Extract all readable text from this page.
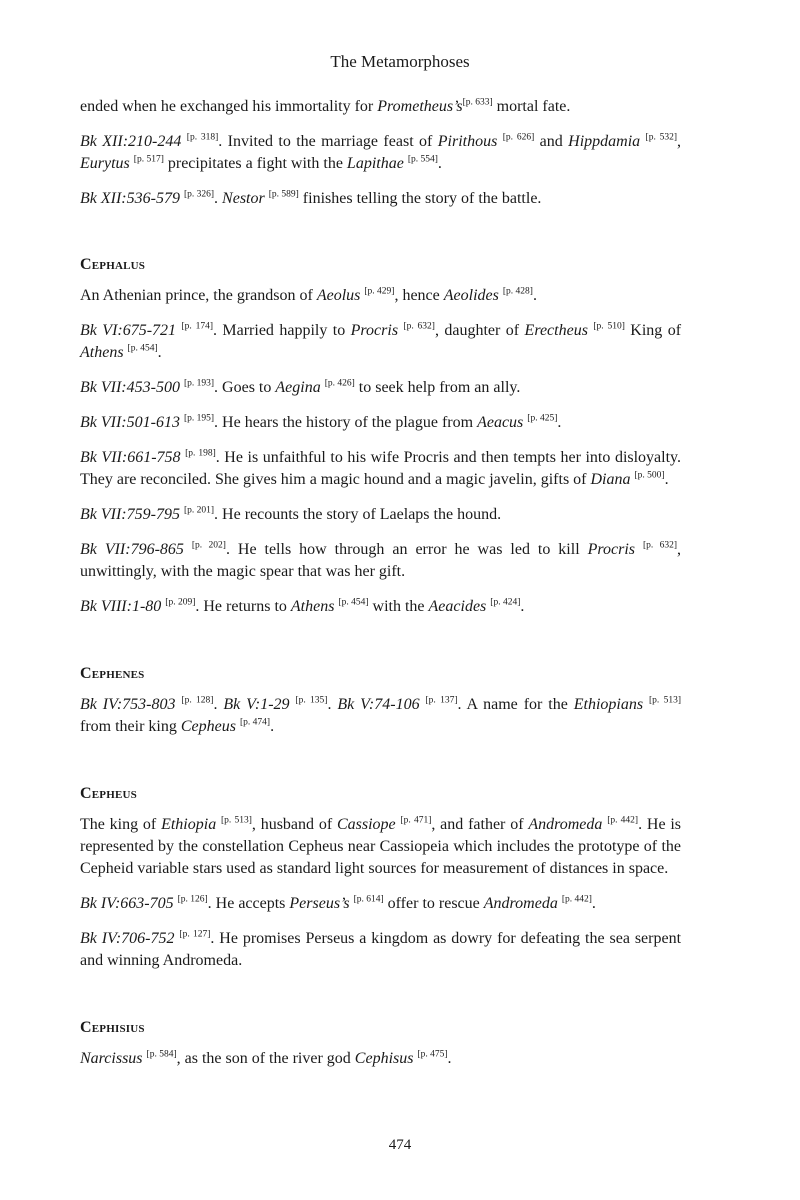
The Metamorphoses

ended when he exchanged his immortality for Prometheus’s[p. 633] mortal fate.

Bk XII:210-244 [p. 318]. Invited to the marriage feast of Pirithous [p. 626] and Hippdamia [p. 532], Eurytus [p. 517] precipitates a fight with the Lapithae [p. 554].

Bk XII:536-579 [p. 326]. Nestor [p. 589] finishes telling the story of the battle.

Cephalus

An Athenian prince, the grandson of Aeolus [p. 429], hence Aeolides [p. 428].

Bk VI:675-721 [p. 174]. Married happily to Procris [p. 632], daughter of Erectheus [p. 510] King of Athens [p. 454].

Bk VII:453-500 [p. 193]. Goes to Aegina [p. 426] to seek help from an ally.

Bk VII:501-613 [p. 195]. He hears the history of the plague from Aeacus [p. 425].

Bk VII:661-758 [p. 198]. He is unfaithful to his wife Procris and then tempts her into disloyalty. They are reconciled. She gives him a magic hound and a magic javelin, gifts of Diana [p. 500].

Bk VII:759-795 [p. 201]. He recounts the story of Laelaps the hound.

Bk VII:796-865 [p. 202]. He tells how through an error he was led to kill Procris [p. 632], unwittingly, with the magic spear that was her gift.

Bk VIII:1-80 [p. 209]. He returns to Athens [p. 454] with the Aeacides [p. 424].

Cephenes

Bk IV:753-803 [p. 128]. Bk V:1-29 [p. 135]. Bk V:74-106 [p. 137]. A name for the Ethiopians [p. 513] from their king Cepheus [p. 474].

Cepheus

The king of Ethiopia [p. 513], husband of Cassiope [p. 471], and father of Andromeda [p. 442]. He is represented by the constellation Cepheus near Cassiopeia which includes the prototype of the Cepheid variable stars used as standard light sources for measurement of distances in space.

Bk IV:663-705 [p. 126]. He accepts Perseus’s [p. 614] offer to rescue Andromeda [p. 442].

Bk IV:706-752 [p. 127]. He promises Perseus a kingdom as dowry for defeating the sea serpent and winning Andromeda.

Cephisius

Narcissus [p. 584], as the son of the river god Cephisus [p. 475].

474
